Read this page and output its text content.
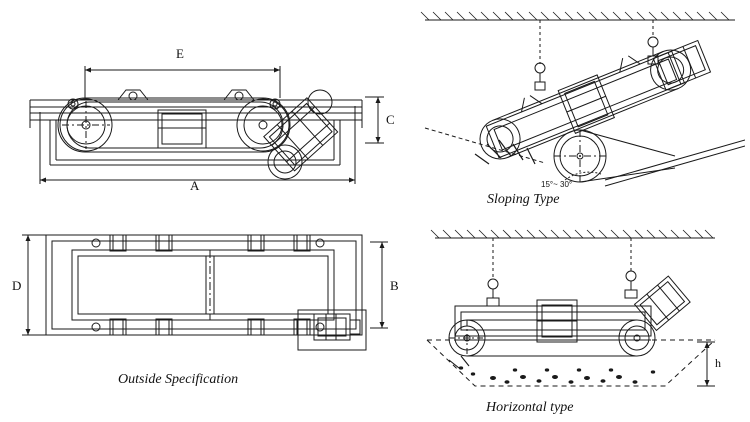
E
A
C
D	B
Outside Specification
15°~ 30°
Sloping Type
h
Horizontal type
